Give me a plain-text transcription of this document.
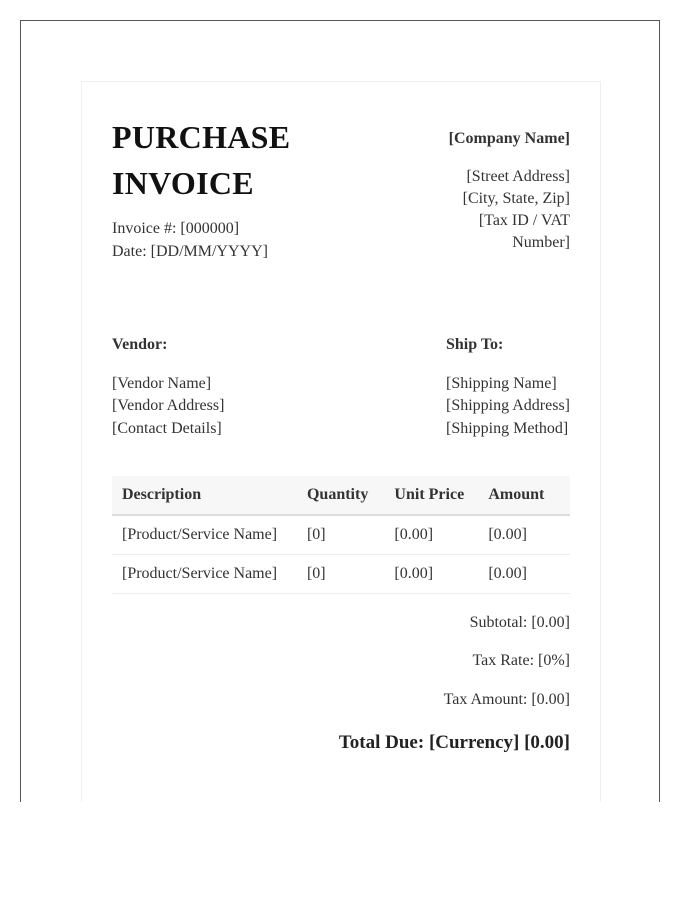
PURCHASE
INVOICE
Invoice #: [000000]
Date: [DD/MM/YYYY]
[Company Name]
[Street Address]
[City, State, Zip]
[Tax ID / VAT
Number]
Vendor:
[Vendor Name]
[Vendor Address]
[Contact Details]
Ship To:
[Shipping Name]
[Shipping Address]
[Shipping Method]
Description	Quantity	Unit Price	Amount
[Product/Service Name]	[0]	[0.00]	[0.00]
[Product/Service Name]	[0]	[0.00]	[0.00]
Subtotal: [0.00]
Tax Rate: [0%]
Tax Amount: [0.00]
Total Due: [Currency] [0.00]
